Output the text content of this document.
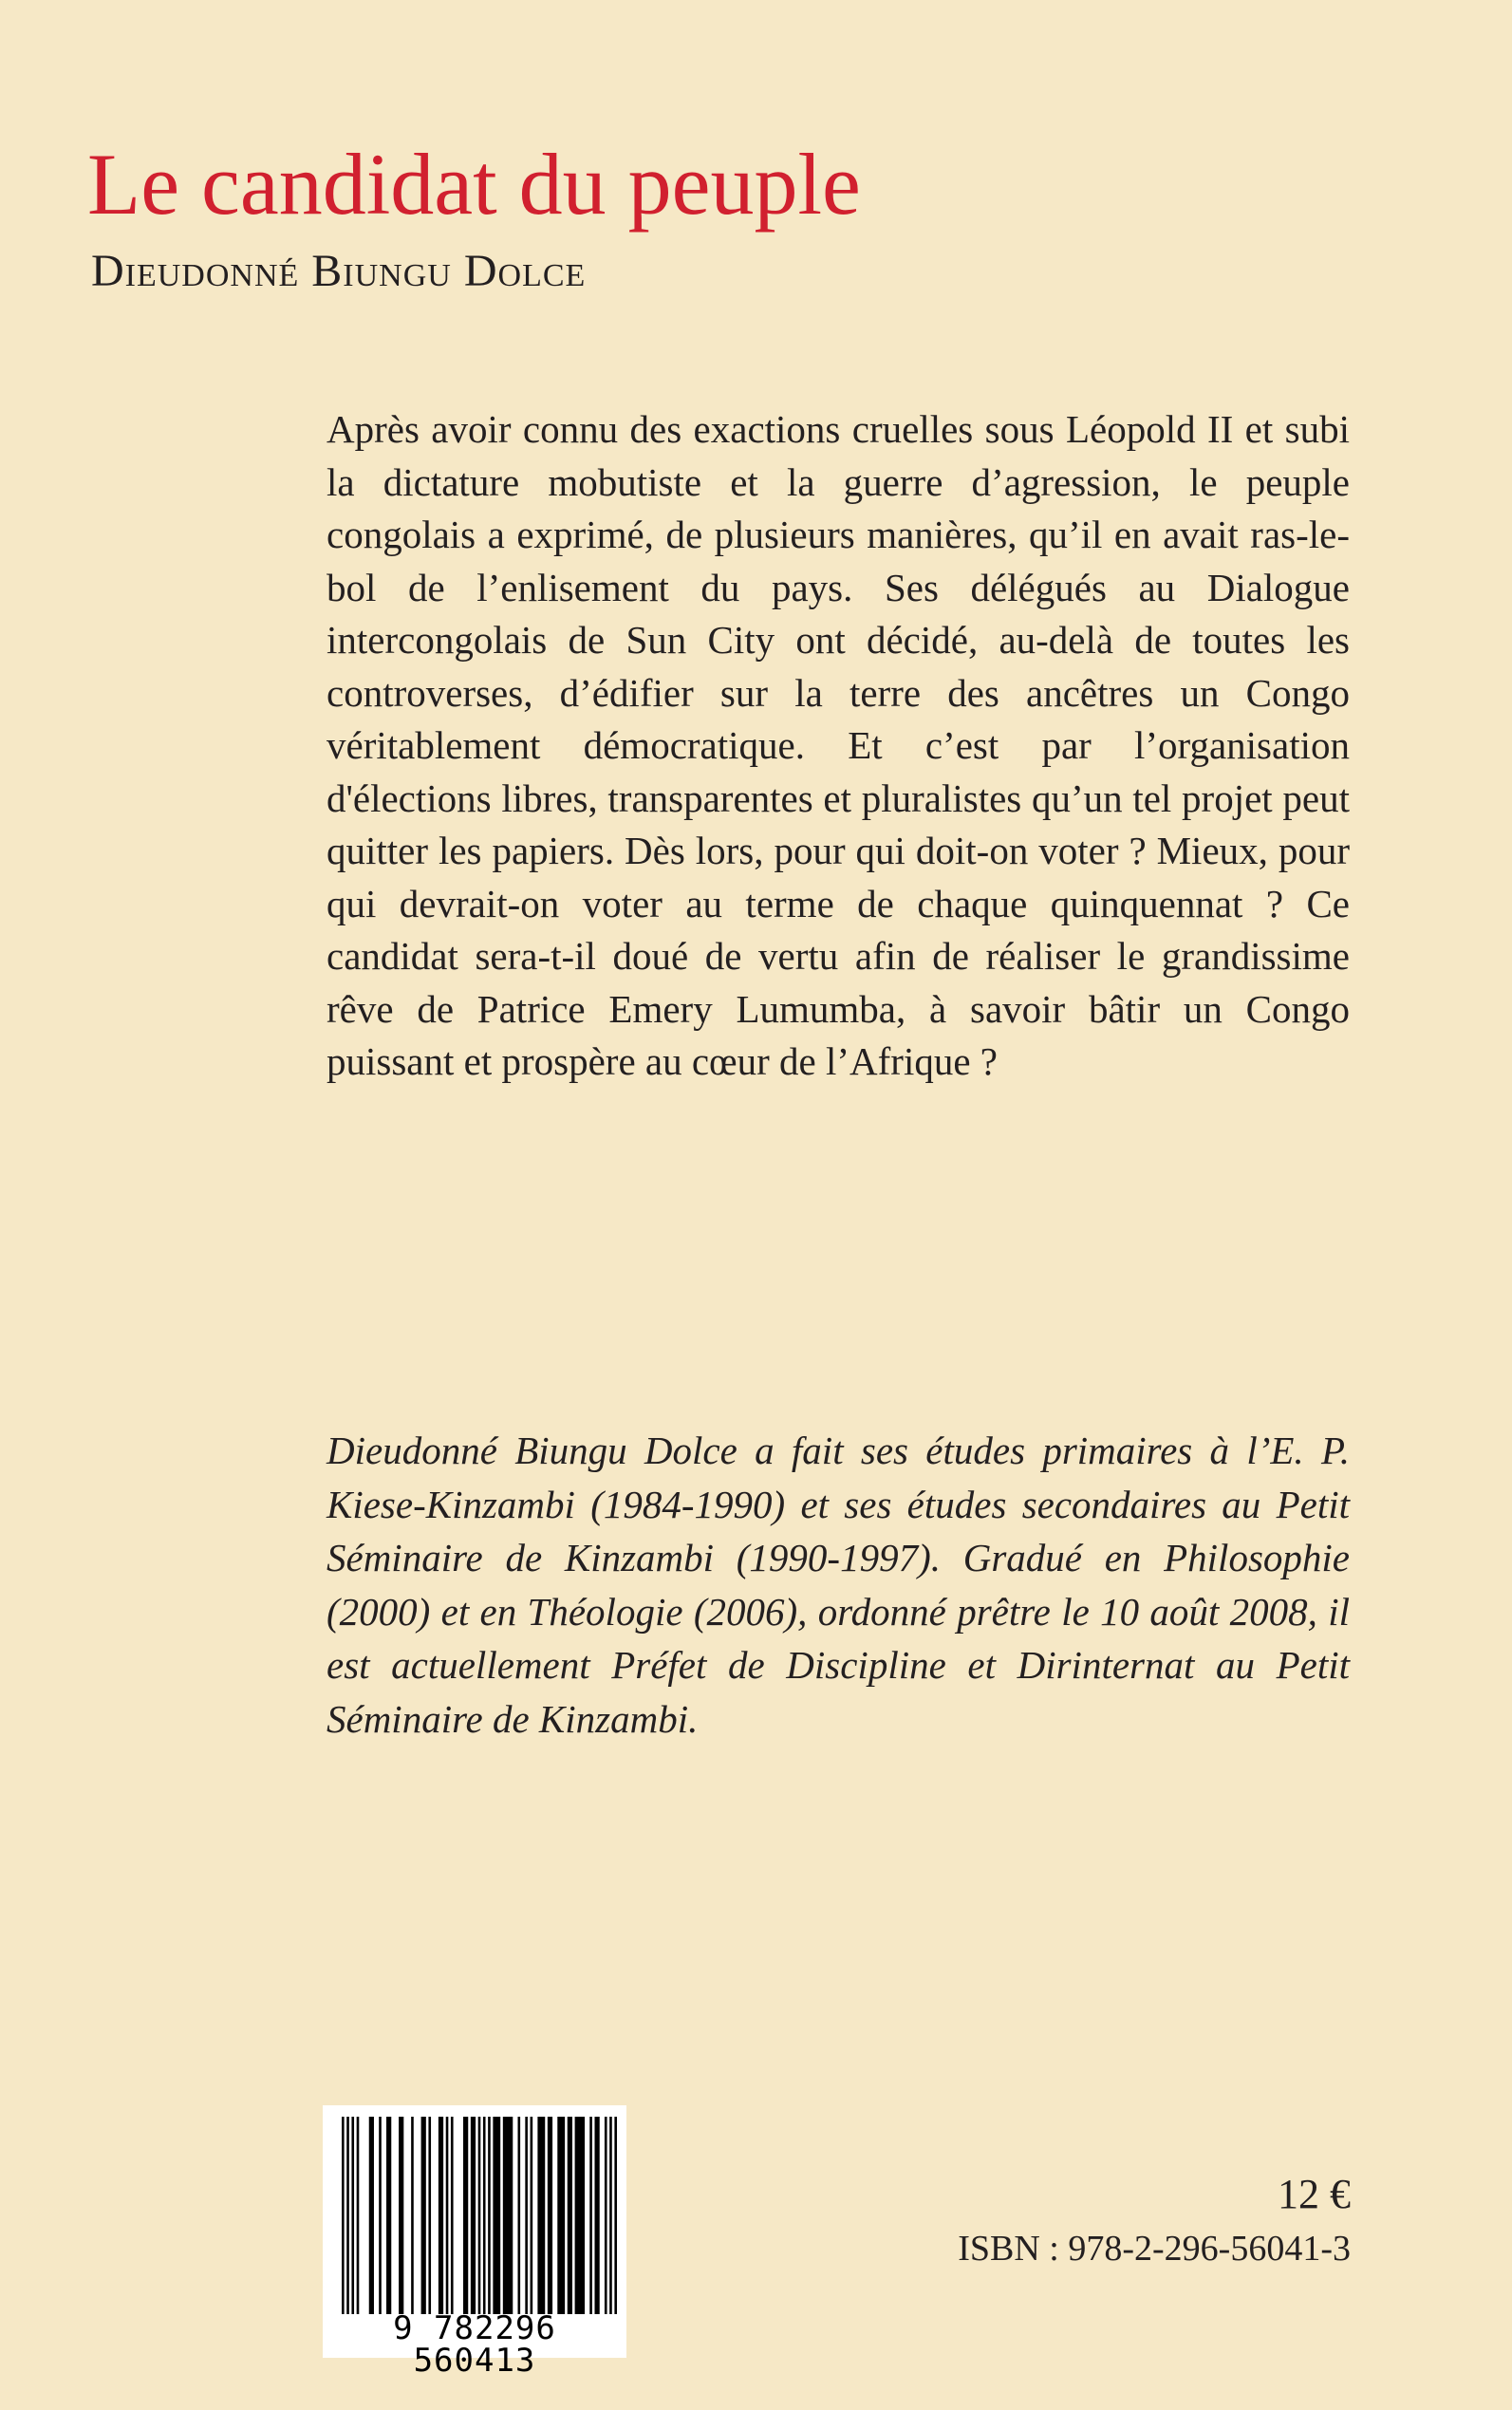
Le candidat du peuple
Dieudonné Biungu Dolce

Après avoir connu des exactions cruelles sous Léopold II et subi la dictature mobutiste et la guerre d’agression, le peuple congolais a exprimé, de plusieurs manières, qu’il en avait ras-le-bol de l’enlisement du pays. Ses délégués au Dialogue intercongolais de Sun City ont décidé, au-delà de toutes les controverses, d’édifier sur la terre des ancêtres un Congo véritablement démocratique. Et c’est par l’organisation d'élections libres, transparentes et pluralistes qu’un tel projet peut quitter les papiers. Dès lors, pour qui doit-on voter ? Mieux, pour qui devrait-on voter au terme de chaque quinquennat ? Ce candidat sera-t-il doué de vertu afin de réaliser le grandissime rêve de Patrice Emery Lumumba, à savoir bâtir un Congo puissant et prospère au cœur de l’Afrique ?

Dieudonné Biungu Dolce a fait ses études primaires à l’E. P. Kiese-Kinzambi (1984-1990) et ses études secondaires au Petit Séminaire de Kinzambi (1990-1997). Gradué en Philosophie (2000) et en Théologie (2006), ordonné prêtre le 10 août 2008, il est actuellement Préfet de Discipline et Dirinternat au Petit Séminaire de Kinzambi.

9 782296 560413
12 €
ISBN : 978-2-296-56041-3
